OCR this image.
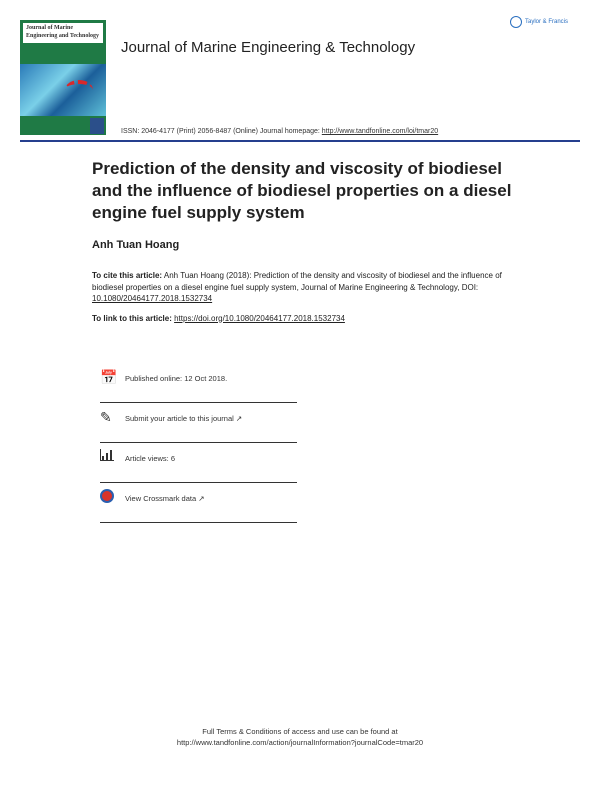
Journal of Marine Engineering and Technology
Journal of Marine Engineering & Technology
Taylor & Francis
ISSN: 2046-4177 (Print) 2056-8487 (Online) Journal homepage: http://www.tandfonline.com/loi/tmar20
Prediction of the density and viscosity of biodiesel and the influence of biodiesel properties on a diesel engine fuel supply system
Anh Tuan Hoang
To cite this article: Anh Tuan Hoang (2018): Prediction of the density and viscosity of biodiesel and the influence of biodiesel properties on a diesel engine fuel supply system, Journal of Marine Engineering & Technology, DOI: 10.1080/20464177.2018.1532734
To link to this article: https://doi.org/10.1080/20464177.2018.1532734
📅 Published online: 12 Oct 2018.
✎	Submit your article to this journal ↗
Article views: 6
View Crossmark data ↗
Full Terms & Conditions of access and use can be found at
http://www.tandfonline.com/action/journalInformation?journalCode=tmar20
